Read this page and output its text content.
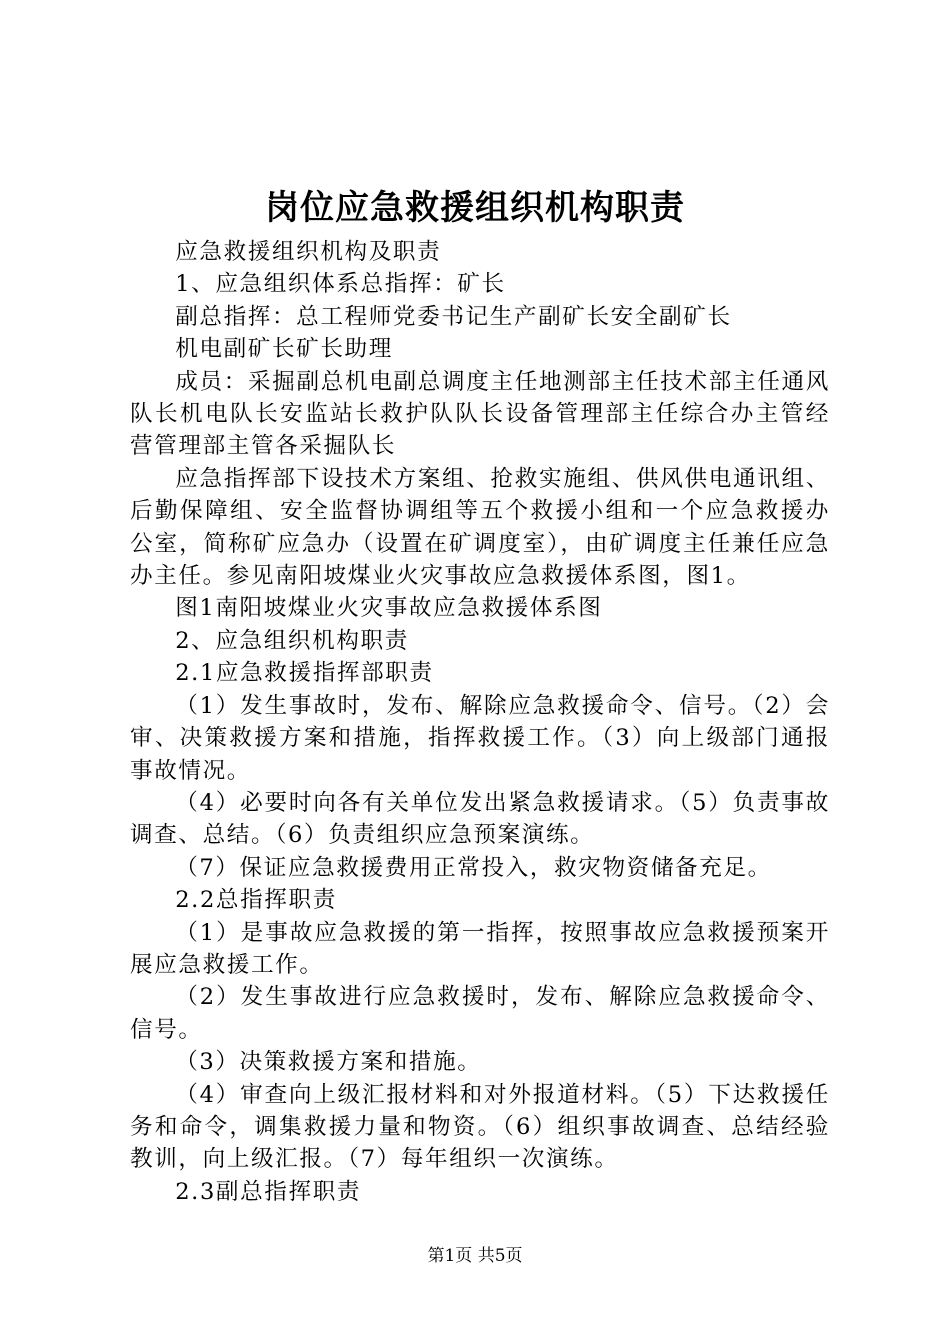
岗位应急救援组织机构职责

应急救援组织机构及职责

1、应急组织体系总指挥：矿长

副总指挥：总工程师党委书记生产副矿长安全副矿长

机电副矿长矿长助理

成员：采掘副总机电副总调度主任地测部主任技术部主任通风队长机电队长安监站长救护队队长设备管理部主任综合办主管经营管理部主管各采掘队长

应急指挥部下设技术方案组、抢救实施组、供风供电通讯组、后勤保障组、安全监督协调组等五个救援小组和一个应急救援办公室，简称矿应急办（设置在矿调度室），由矿调度主任兼任应急办主任。参见南阳坡煤业火灾事故应急救援体系图，图1。

图1南阳坡煤业火灾事故应急救援体系图

2、应急组织机构职责

2.1应急救援指挥部职责

（1）发生事故时，发布、解除应急救援命令、信号。（2）会审、决策救援方案和措施，指挥救援工作。（3）向上级部门通报事故情况。

（4）必要时向各有关单位发出紧急救援请求。（5）负责事故调查、总结。（6）负责组织应急预案演练。

（7）保证应急救援费用正常投入，救灾物资储备充足。

2.2总指挥职责

（1）是事故应急救援的第一指挥，按照事故应急救援预案开展应急救援工作。

（2）发生事故进行应急救援时，发布、解除应急救援命令、信号。

（3）决策救援方案和措施。

（4）审查向上级汇报材料和对外报道材料。（5）下达救援任务和命令，调集救援力量和物资。（6）组织事故调查、总结经验教训，向上级汇报。（7）每年组织一次演练。

2.3副总指挥职责

第1页 共5页
